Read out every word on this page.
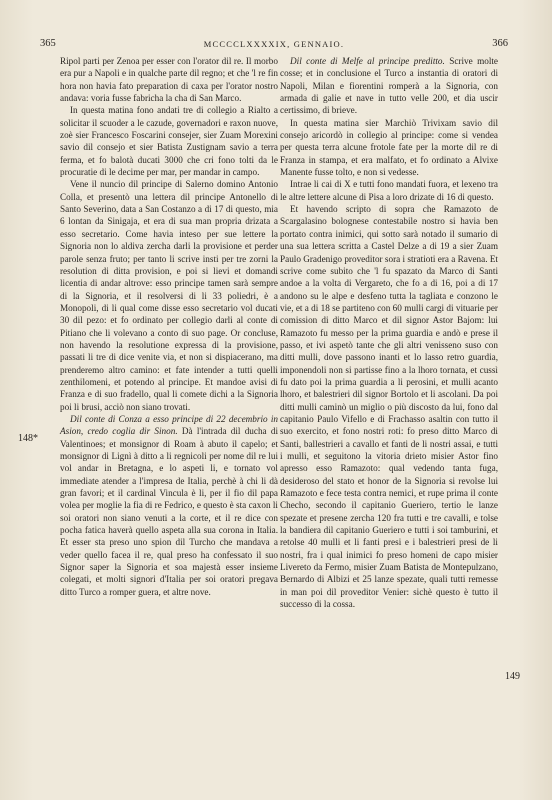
365	MCCCCLXXXXIX, GENNAIO.	366
148*
149

Ripol parti per Zenoa per esser con l'orator dil re. Il morbo era pur a Napoli e in qualche parte dil regno; et che 'l re fin hora non havia fato preparation di caxa per l'orator nostro andava: voria fusse fabricha la cha di San Marco.

In questa matina fono andati tre di collegio a Rialto a solicitar il scuoder a le cazude, governadori e raxon nuove, zoè sier Francesco Foscarini consejer, sier Zuam Morexini savio dil consejo et sier Batista Zustignam savio a terra ferma, et fo balotà ducati 3000 che cri fono tolti da le procuratie di le decime per mar, per mandar in campo.

Vene il nuncio dil principe di Salerno domino Antonio Colla, et presentò una lettera dil principe Antonello di Santo Severino, data a San Costanzo a di 17 di questo, mia 6 lontan da Sinigaja, et era di sua man propria drizata a esso secretario. Come havia inteso per sue lettere la Signoria non lo aldiva zercha darli la provisione et perder parole senza fruto; per tanto li scrive insti per tre zorni la resolution di ditta provision, e poi si lievi et domandi licentia di andar altrove: esso principe tamen sarà sempre di la Signoria, et il resolversi di li 33 poliedri, è a Monopoli, di li qual come disse esso secretario vol ducati 30 dil pezo: et fo ordinato per collegio darli al conte di Pitiano che li volevano a conto di suo page. Or concluse, non havendo la resolutione expressa di la provisione, passati li tre di dice venite via, et non si dispiacerano, ma prenderemo altro camino: et fate intender a tutti quelli zenthilomeni, et potendo al principe. Et mandoe avisi di Franza e di suo fradello, qual li comete dichi a la Signoria poi li brusi, acciò non siano trovati.

Dil conte di Conza a esso principe di 22 decembrio in Asion, credo coglia dir Sinon. Dà l'intrada dil ducha di Valentinoes; et monsignor di Roam à abuto il capelo; et monsignor di Lignì à ditto a li regnicoli per nome dil re lui vol andar in Bretagna, e lo aspeti li, e tornato vol immediate atender a l'impresa de Italia, perchè à chi li dà gran favori; et il cardinal Vincula è li, per il fio dil papa volea per moglie la fia di re Fedrico, e questo è sta caxon li soi oratori non siano venuti a la corte, et il re dice con pocha fatica haverà quello aspeta alla sua corona in Italia. Et esser sta preso uno spion dil Turcho che mandava a veder quello facea il re, qual preso ha confessato il suo Signor saper la Signoria et soa majestà esser insieme colegati, et molti signori d'Italia per soi oratori pregava ditto Turco a romper guera, et altre nove.

Dil conte di Melfe al principe preditto. Scrive molte cosse; et in conclusione el Turco a instantia di oratori di Napoli, Milan e fiorentini romperà a la Signoria, con armada di galie et nave in tutto velle 200, et dia uscir certissimo, di brieve.

In questa matina sier Marchiò Trivixam savio dil consejo aricordò in collegio al principe: come si vendea per questa terra alcune frotole fate per la morte dil re di Franza in stampa, et era malfato, et fo ordinato a Alvixe Manente fusse tolto, e non si vedesse.

Intrae li cai di X e tutti fono mandati fuora, et lexeno tra le altre lettere alcune di Pisa a loro drizate di 16 di questo.

Et havendo scripto di sopra che Ramazoto de Scargalasino bolognese contestabile nostro si havia ben portato contra inimici, qui sotto sarà notado il sumario di una sua lettera scritta a Castel Delze a di 19 a sier Zuam Paulo Gradenigo proveditor sora i stratioti era a Ravena. Et scrive come subito che 'l fu spazato da Marco di Santi andoe a la volta di Vergareto, che fo a di 16, poi a di 17 andono su le alpe e desfeno tutta la tagliata e conzono le vie, et a di 18 se partiteno con 60 mulli cargi di vituarie per comission di ditto Marco et dil signor Astor Bajom: lui Ramazoto fu messo per la prima guardia e andò e prese il passo, et ivi aspetò tante che gli altri venisseno suso con ditti mulli, dove passono inanti et lo lasso retro guardia, imponendoli non si partisse fino a la lhoro tornata, et cussì fu dato poi la prima guardia a li perosini, et mulli acanto lhoro, et balestrieri dil signor Bortolo et li ascolani. Da poi ditti mulli caminò un miglio o più discosto da lui, fono dal capitanio Paulo Vifello e di Frachasso asaltin con tutto il suo exercito, et fono nostri roti: fo preso ditto Marco di Santi, ballestrieri a cavallo et fanti de li nostri assai, e tutti i mulli, et seguitono la vitoria drieto misier Astor fino apresso esso Ramazoto: qual vedendo tanta fuga, desideroso del stato et honor de la Signoria si revolse lui Ramazoto e fece testa contra nemici, et rupe prima il conte Checho, secondo il capitanio Gueriero, tertio le lanze spezate et presene zercha 120 fra tutti e tre cavalli, e tolse la bandiera dil capitanio Gueriero e tutti i soi tamburini, et retolse 40 mulli et li fanti presi e i balestrieri presi de li nostri, fra i qual inimici fo preso homeni de capo misier Livereto da Fermo, misier Zuam Batista de Montepulzano, Bernardo di Albizi et 25 lanze spezate, quali tutti remesse in man poi dil proveditor Venier: sichè questo è tutto il successo di la cossa.
